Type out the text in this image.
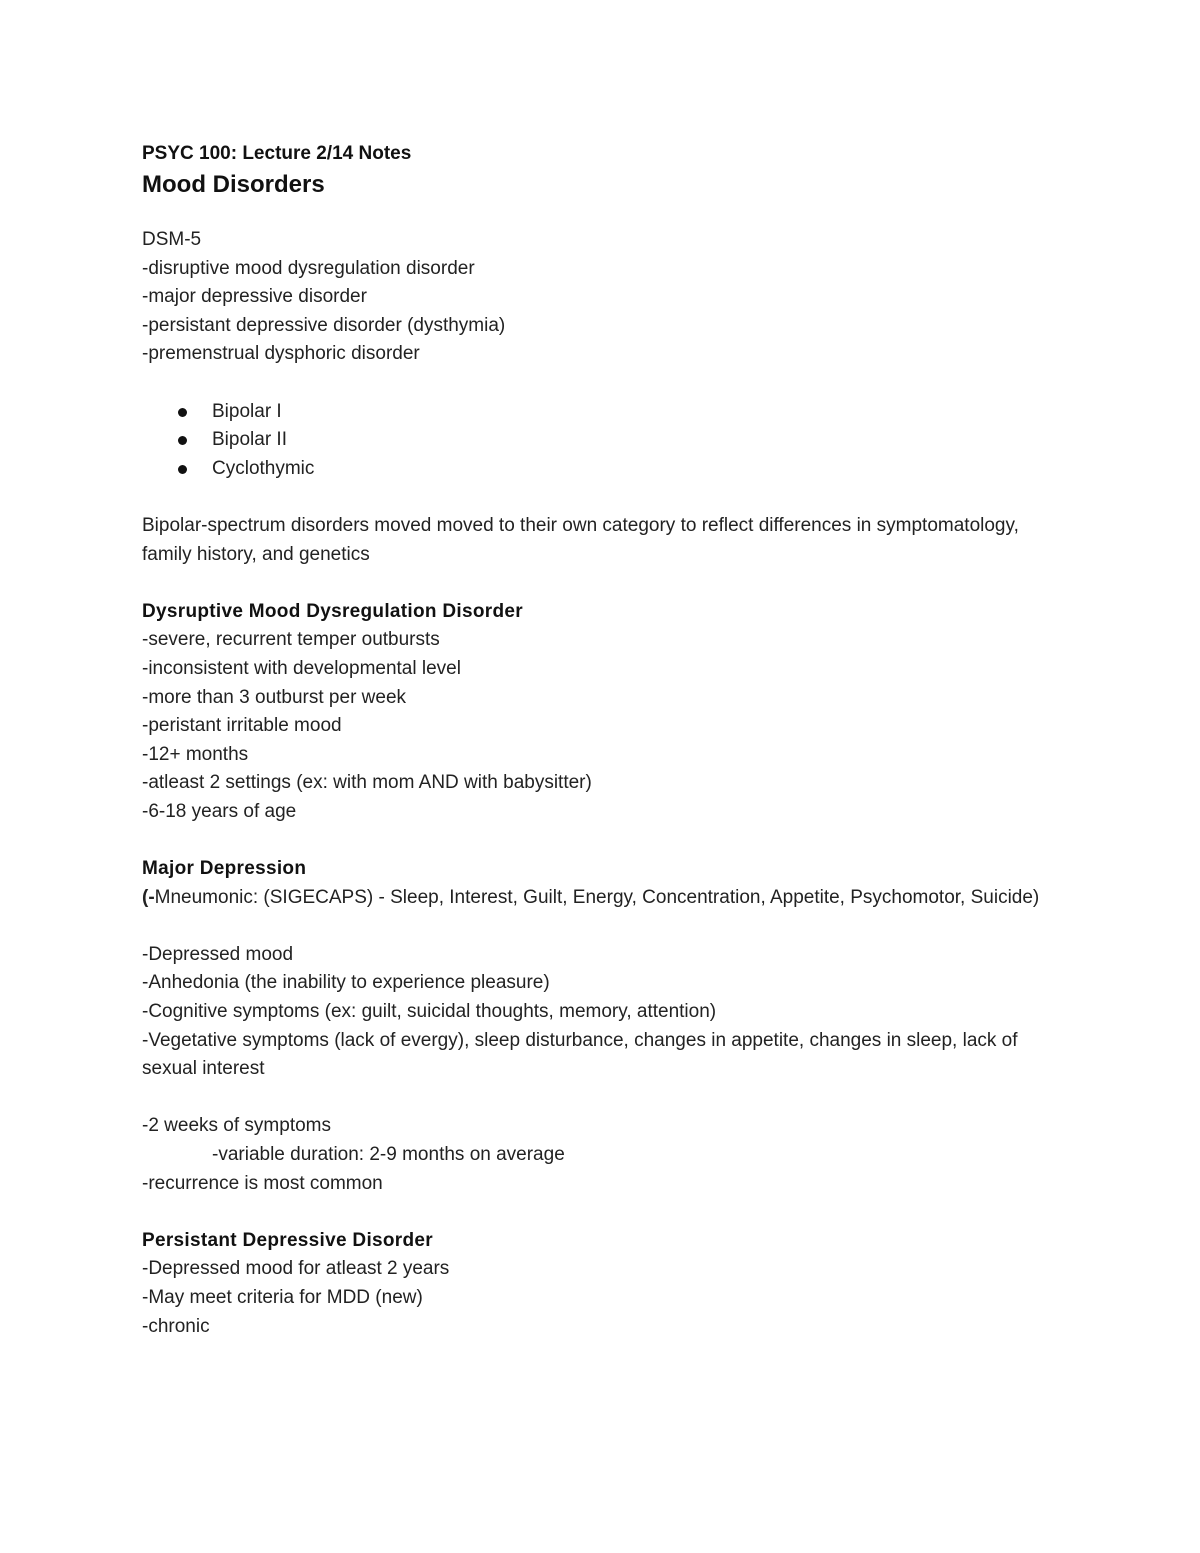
PSYC 100: Lecture 2/14 Notes

Mood Disorders

DSM-5

-disruptive mood dysregulation disorder

-major depressive disorder

-persistant depressive disorder (dysthymia)

-premenstrual dysphoric disorder

Bipolar I
Bipolar II
Cyclothymic

Bipolar-spectrum disorders moved moved to their own category to reflect differences in symptomatology, family history, and genetics

Dysruptive Mood Dysregulation Disorder

-severe, recurrent temper outbursts

-inconsistent with developmental level

-more than 3 outburst per week

-peristant irritable mood

-12+ months

-atleast 2 settings (ex: with mom AND with babysitter)

-6-18 years of age

Major Depression

(-Mneumonic: (SIGECAPS) - Sleep, Interest, Guilt, Energy, Concentration, Appetite, Psychomotor, Suicide)

-Depressed mood

-Anhedonia (the inability to experience pleasure)

-Cognitive symptoms (ex: guilt, suicidal thoughts, memory, attention)

-Vegetative symptoms (lack of evergy), sleep disturbance, changes in appetite, changes in sleep, lack of sexual interest

-2 weeks of symptoms

-variable duration: 2-9 months on average

-recurrence is most common

Persistant Depressive Disorder

-Depressed mood for atleast 2 years

-May meet criteria for MDD (new)

-chronic
